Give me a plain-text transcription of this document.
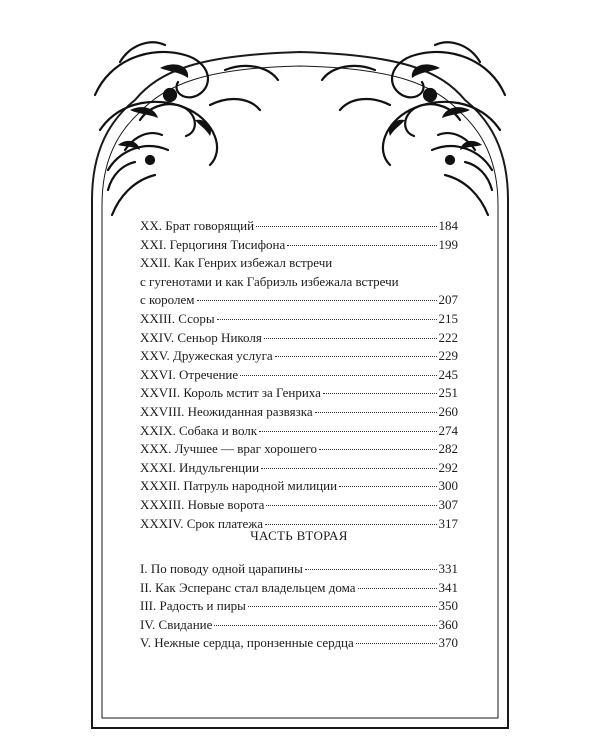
XX. Брат говорящий	184
XXI. Герцогиня Тисифона	199
XXII. Как Генрих избежал встречи
с гугенотами и как Габриэль избежала встречи
с королем	207
XXIII. Ссоры	215
XXIV. Сеньор Николя	222
XXV. Дружеская услуга	229
XXVI. Отречение	245
XXVII. Король мстит за Генриха	251
XXVIII. Неожиданная развязка	260
XXIX. Собака и волк	274
XXX. Лучшее — враг хорошего	282
XXXI. Индульгенции	292
XXXII. Патруль народной милиции	300
XXXIII. Новые ворота	307
XXXIV. Срок платежа	317
ЧАСТЬ ВТОРАЯ
I. По поводу одной царапины	331
II. Как Эсперанс стал владельцем дома	341
III. Радость и пиры	350
IV. Свидание	360
V. Нежные сердца, пронзенные сердца	370
